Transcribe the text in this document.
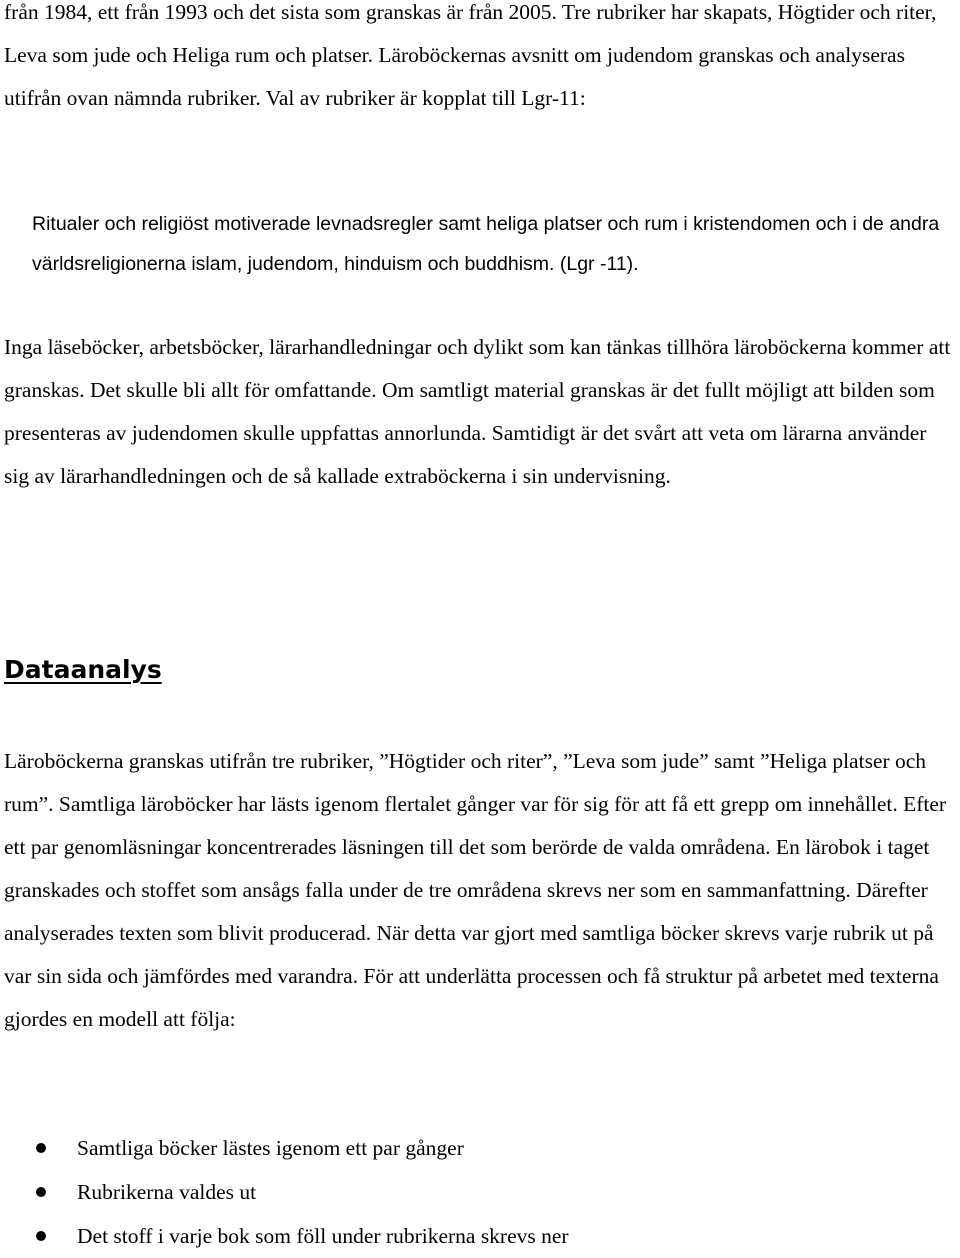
från 1984, ett från 1993 och det sista som granskas är från 2005. Tre rubriker har skapats, Högtider och riter, Leva som jude och Heliga rum och platser. Läroböckernas avsnitt om judendom granskas och analyseras utifrån ovan nämnda rubriker. Val av rubriker är kopplat till Lgr-11:

Ritualer och religiöst motiverade levnadsregler samt heliga platser och rum i kristendomen och i de andra världsreligionerna islam, judendom, hinduism och buddhism. (Lgr -11).

Inga läseböcker, arbetsböcker, lärarhandledningar och dylikt som kan tänkas tillhöra läroböckerna kommer att granskas. Det skulle bli allt för omfattande. Om samtligt material granskas är det fullt möjligt att bilden som presenteras av judendomen skulle uppfattas annorlunda. Samtidigt är det svårt att veta om lärarna använder sig av lärarhandledningen och de så kallade extraböckerna i sin undervisning.

Dataanalys

Läroböckerna granskas utifrån tre rubriker, ”Högtider och riter”, ”Leva som jude” samt ”Heliga platser och rum”. Samtliga läroböcker har lästs igenom flertalet gånger var för sig för att få ett grepp om innehållet. Efter ett par genomläsningar koncentrerades läsningen till det som berörde de valda områdena. En lärobok i taget granskades och stoffet som ansågs falla under de tre områdena skrevs ner som en sammanfattning. Därefter analyserades texten som blivit producerad. När detta var gjort med samtliga böcker skrevs varje rubrik ut på var sin sida och jämfördes med varandra. För att underlätta processen och få struktur på arbetet med texterna gjordes en modell att följa:

Samtliga böcker lästes igenom ett par gånger
Rubrikerna valdes ut
Det stoff i varje bok som föll under rubrikerna skrevs ner
